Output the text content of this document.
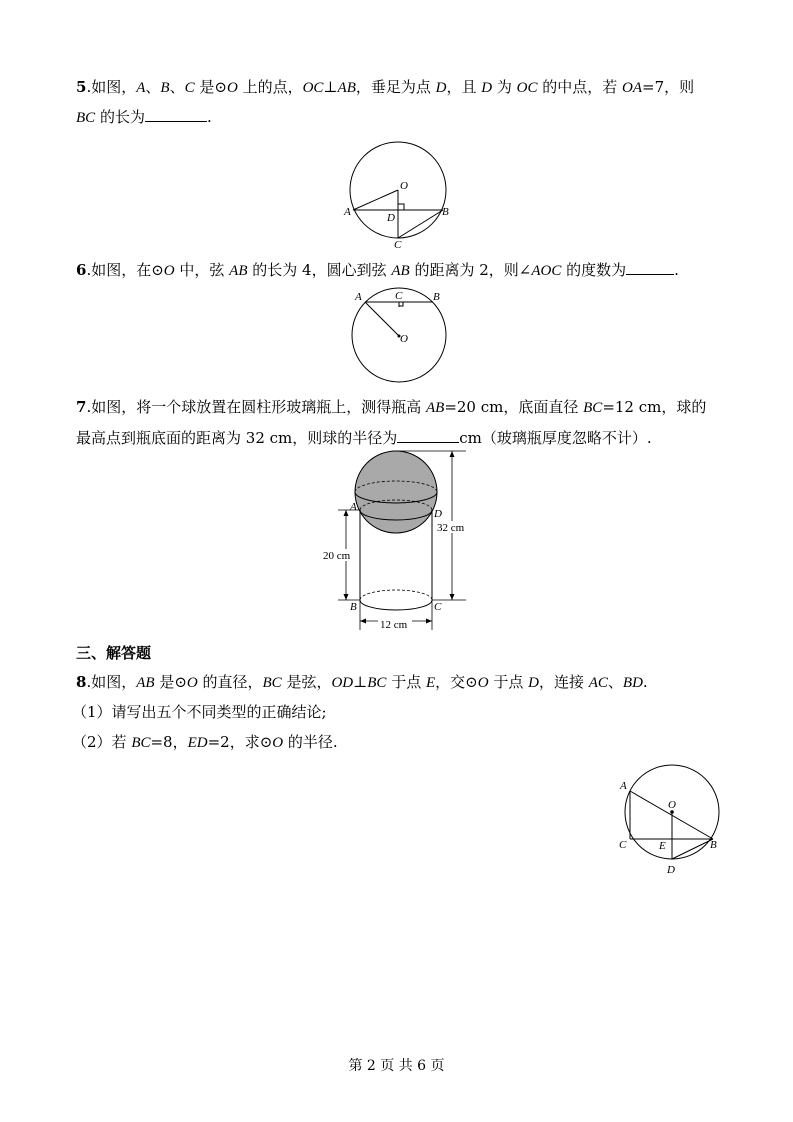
5.如图，A、B、C 是⊙O 上的点，OC⊥AB，垂足为点 D，且 D 为 OC 的中点，若 OA=7，则
BC 的长为	.
O
A	B
D
C
6.如图，在⊙O 中，弦 AB 的长为 4，圆心到弦 AB 的距离为 2，则∠AOC 的度数为	.
A	C	B
O
7.如图，将一个球放置在圆柱形玻璃瓶上，测得瓶高 AB=20 cm，底面直径 BC=12 cm，球的
最高点到瓶底面的距离为 32 cm，则球的半径为	cm（玻璃瓶厚度忽略不计）.
20 cm
32 cm
12 cm
A
D
B	C
三、解答题
8.如图，AB 是⊙O 的直径，BC 是弦，OD⊥BC 于点 E，交⊙O 于点 D，连接 AC、BD.
（1）请写出五个不同类型的正确结论;
（2）若 BC=8，ED=2，求⊙O 的半径.
A
O
C	E	B
D
第 2 页 共 6 页
